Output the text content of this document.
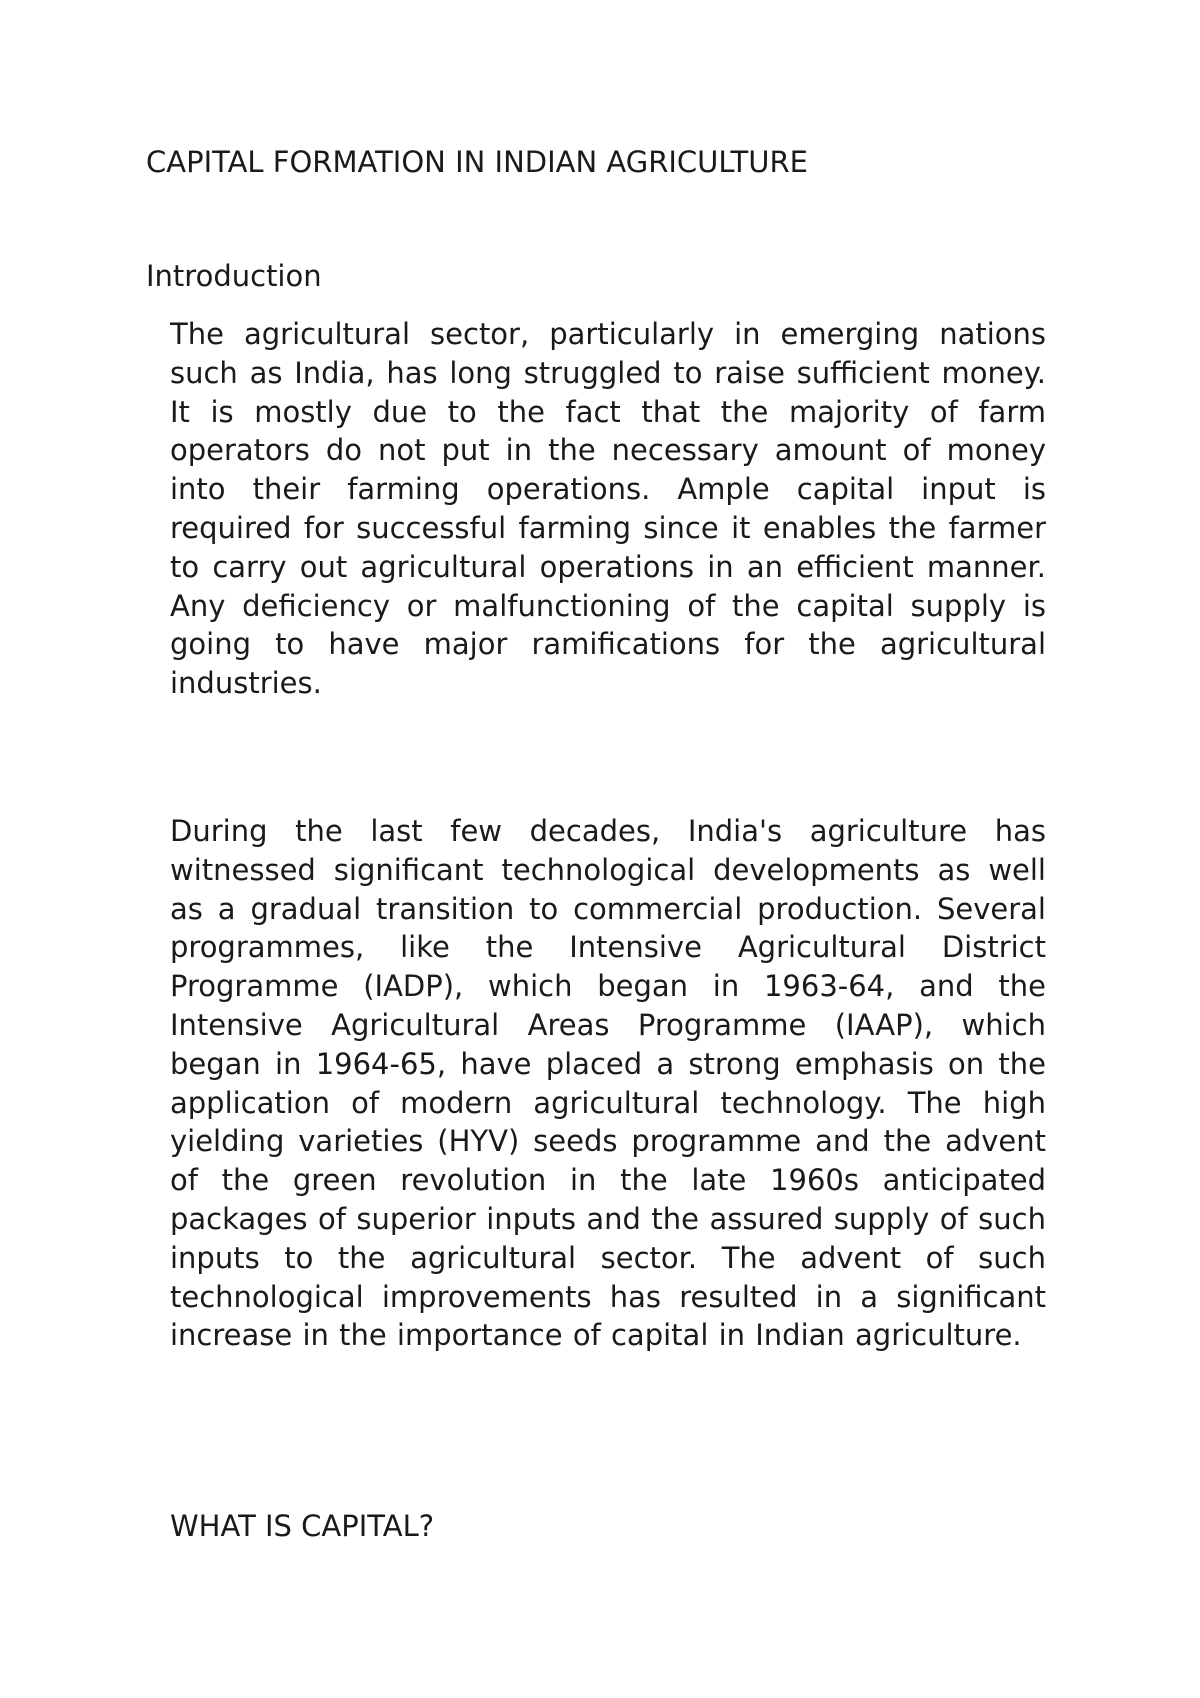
CAPITAL FORMATION IN INDIAN AGRICULTURE
Introduction

The agricultural sector, particularly in emerging nations such as India, has long struggled to raise sufficient money. It is mostly due to the fact that the majority of farm operators do not put in the necessary amount of money into their farming operations. Ample capital input is required for successful farming since it enables the farmer to carry out agricultural operations in an efficient manner. Any deficiency or malfunctioning of the capital supply is going to have major ramifications for the agricultural industries.

During the last few decades, India's agriculture has witnessed significant technological developments as well as a gradual transition to commercial production. Several programmes, like the Intensive Agricultural District Programme (IADP), which began in 1963-64, and the Intensive Agricultural Areas Programme (IAAP), which began in 1964-65, have placed a strong emphasis on the application of modern agricultural technology. The high yielding varieties (HYV) seeds programme and the advent of the green revolution in the late 1960s anticipated packages of superior inputs and the assured supply of such inputs to the agricultural sector. The advent of such technological improvements has resulted in a significant increase in the importance of capital in Indian agriculture.

WHAT IS CAPITAL?
